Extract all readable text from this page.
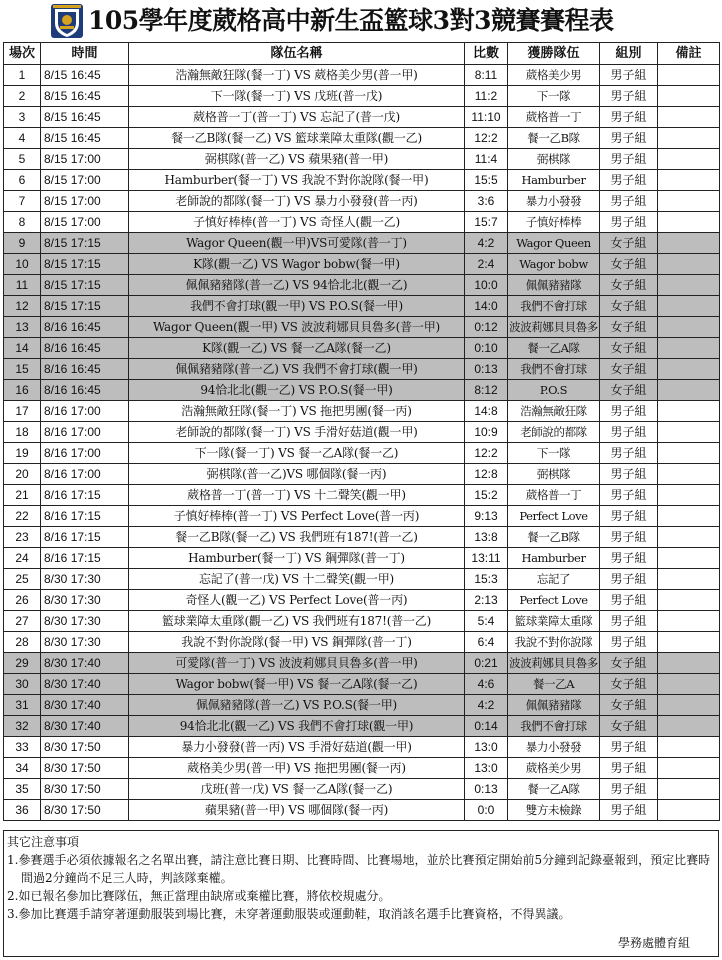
105學年度葳格高中新生盃籃球3對3競賽賽程表
場次	時間	隊伍名稱	比數	獲勝隊伍	組別	備註
1	8/15 16:45	浩瀚無敵狂隊(餐一丁) VS 葳格美少男(普一甲)	8:11	葳格美少男	男子組	
2	8/15 16:45	下一隊(餐一丁) VS 戊班(普一戊)	11:2	下一隊	男子組	
3	8/15 16:45	葳格普一丁(普一丁) VS 忘記了(普一戊)	11:10	葳格普一丁	男子組	
4	8/15 16:45	餐一乙B隊(餐一乙) VS 籃球業障太重隊(觀一乙)	12:2	餐一乙B隊	男子組	
5	8/15 17:00	弼棋隊(普一乙) VS 蘋果豬(普一甲)	11:4	弼棋隊	男子組	
6	8/15 17:00	Hamburber(餐一丁) VS 我說不對你說隊(餐一甲)	15:5	Hamburber	男子組	
7	8/15 17:00	老師說的都隊(餐一丁) VS 暴力小發發(普一丙)	3:6	暴力小發發	男子組	
8	8/15 17:00	子慎好棒棒(普一丁) VS 奇怪人(觀一乙)	15:7	子慎好棒棒	男子組	
9	8/15 17:15	Wagor Queen(觀一甲)VS可愛隊(普一丁)	4:2	Wagor Queen	女子組	
10	8/15 17:15	K隊(觀一乙) VS Wagor bobw(餐一甲)	2:4	Wagor bobw	女子組	
11	8/15 17:15	佩佩豬豬隊(普一乙) VS 94恰北北(觀一乙)	10:0	佩佩豬豬隊	女子組	
12	8/15 17:15	我們不會打球(觀一甲) VS P.O.S(餐一甲)	14:0	我們不會打球	女子組	
13	8/16 16:45	Wagor Queen(觀一甲) VS 波波莉娜貝貝魯多(普一甲)	0:12	波波莉娜貝貝魯多	女子組	
14	8/16 16:45	K隊(觀一乙) VS 餐一乙A隊(餐一乙)	0:10	餐一乙A隊	女子組	
15	8/16 16:45	佩佩豬豬隊(普一乙) VS 我們不會打球(觀一甲)	0:13	我們不會打球	女子組	
16	8/16 16:45	94恰北北(觀一乙) VS P.O.S(餐一甲)	8:12	P.O.S	女子組	
17	8/16 17:00	浩瀚無敵狂隊(餐一丁) VS 拖把男團(餐一丙)	14:8	浩瀚無敵狂隊	男子組	
18	8/16 17:00	老師說的都隊(餐一丁) VS 手滑好菇道(觀一甲)	10:9	老師說的都隊	男子組	
19	8/16 17:00	下一隊(餐一丁) VS 餐一乙A隊(餐一乙)	12:2	下一隊	男子組	
20	8/16 17:00	弼棋隊(普一乙)VS 哪個隊(餐一丙)	12:8	弼棋隊	男子組	
21	8/16 17:15	葳格普一丁(普一丁) VS 十二聲笑(觀一甲)	15:2	葳格普一丁	男子組	
22	8/16 17:15	子慎好棒棒(普一丁) VS Perfect Love(普一丙)	9:13	Perfect Love	男子組	
23	8/16 17:15	餐一乙B隊(餐一乙) VS 我們班有187!(普一乙)	13:8	餐一乙B隊	男子組	
24	8/16 17:15	Hamburber(餐一丁) VS 鋼彈隊(普一丁)	13:11	Hamburber	男子組	
25	8/30 17:30	忘記了(普一戊) VS 十二聲笑(觀一甲)	15:3	忘記了	男子組	
26	8/30 17:30	奇怪人(觀一乙) VS Perfect Love(普一丙)	2:13	Perfect Love	男子組	
27	8/30 17:30	籃球業障太重隊(觀一乙) VS 我們班有187!(普一乙)	5:4	籃球業障太重隊	男子組	
28	8/30 17:30	我說不對你說隊(餐一甲) VS 鋼彈隊(普一丁)	6:4	我說不對你說隊	男子組	
29	8/30 17:40	可愛隊(普一丁) VS 波波莉娜貝貝魯多(普一甲)	0:21	波波莉娜貝貝魯多	女子組	
30	8/30 17:40	Wagor bobw(餐一甲) VS 餐一乙A隊(餐一乙)	4:6	餐一乙A	女子組	
31	8/30 17:40	佩佩豬豬隊(普一乙) VS P.O.S(餐一甲)	4:2	佩佩豬豬隊	女子組	
32	8/30 17:40	94恰北北(觀一乙) VS 我們不會打球(觀一甲)	0:14	我們不會打球	女子組	
33	8/30 17:50	暴力小發發(普一丙) VS 手滑好菇道(觀一甲)	13:0	暴力小發發	男子組	
34	8/30 17:50	葳格美少男(普一甲) VS 拖把男團(餐一丙)	13:0	葳格美少男	男子組	
35	8/30 17:50	戊班(普一戊) VS 餐一乙A隊(餐一乙)	0:13	餐一乙A隊	男子組	
36	8/30 17:50	蘋果豬(普一甲) VS 哪個隊(餐一丙)	0:0	雙方未檢錄	男子組	

其它注意事項

1.參賽選手必須依據報名之名單出賽，請注意比賽日期、比賽時間、比賽場地，並於比賽預定開始前5分鐘到記錄臺報到，預定比賽時間過2分鐘尚不足三人時，判該隊棄權。

2.如已報名參加比賽隊伍，無正當理由缺席或棄權比賽，將依校規處分。

3.參加比賽選手請穿著運動服裝到場比賽，未穿著運動服裝或運動鞋，取消該名選手比賽資格，不得異議。

學務處體育組
